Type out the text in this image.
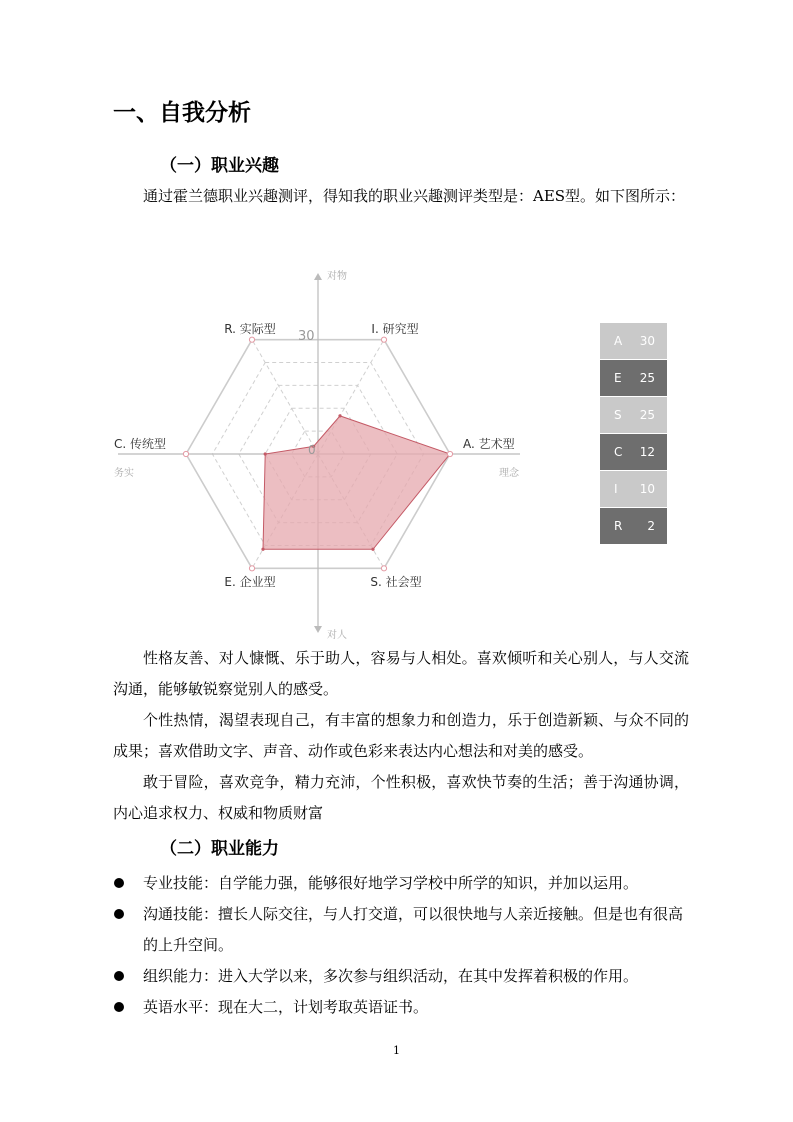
一、自我分析
（一）职业兴趣
通过霍兰德职业兴趣测评，得知我的职业兴趣测评类型是：AES型。如下图所示：
R. 实际型	I. 研究型
A. 艺术型
S. 社会型
E. 企业型
C. 传统型
30
0
对物
对人
务实	理念
A 30
E 25
S 25
C 12
I 10
R 2
性格友善、对人慷慨、乐于助人，容易与人相处。喜欢倾听和关心别人，与人交流沟通，能够敏锐察觉别人的感受。
个性热情，渴望表现自己，有丰富的想象力和创造力，乐于创造新颖、与众不同的成果；喜欢借助文字、声音、动作或色彩来表达内心想法和对美的感受。
敢于冒险，喜欢竞争，精力充沛，个性积极，喜欢快节奏的生活；善于沟通协调，内心追求权力、权威和物质财富
（二）职业能力
专业技能：自学能力强，能够很好地学习学校中所学的知识，并加以运用。
沟通技能：擅长人际交往，与人打交道，可以很快地与人亲近接触。但是也有很高的上升空间。
组织能力：进入大学以来，多次参与组织活动，在其中发挥着积极的作用。
英语水平：现在大二，计划考取英语证书。
1
